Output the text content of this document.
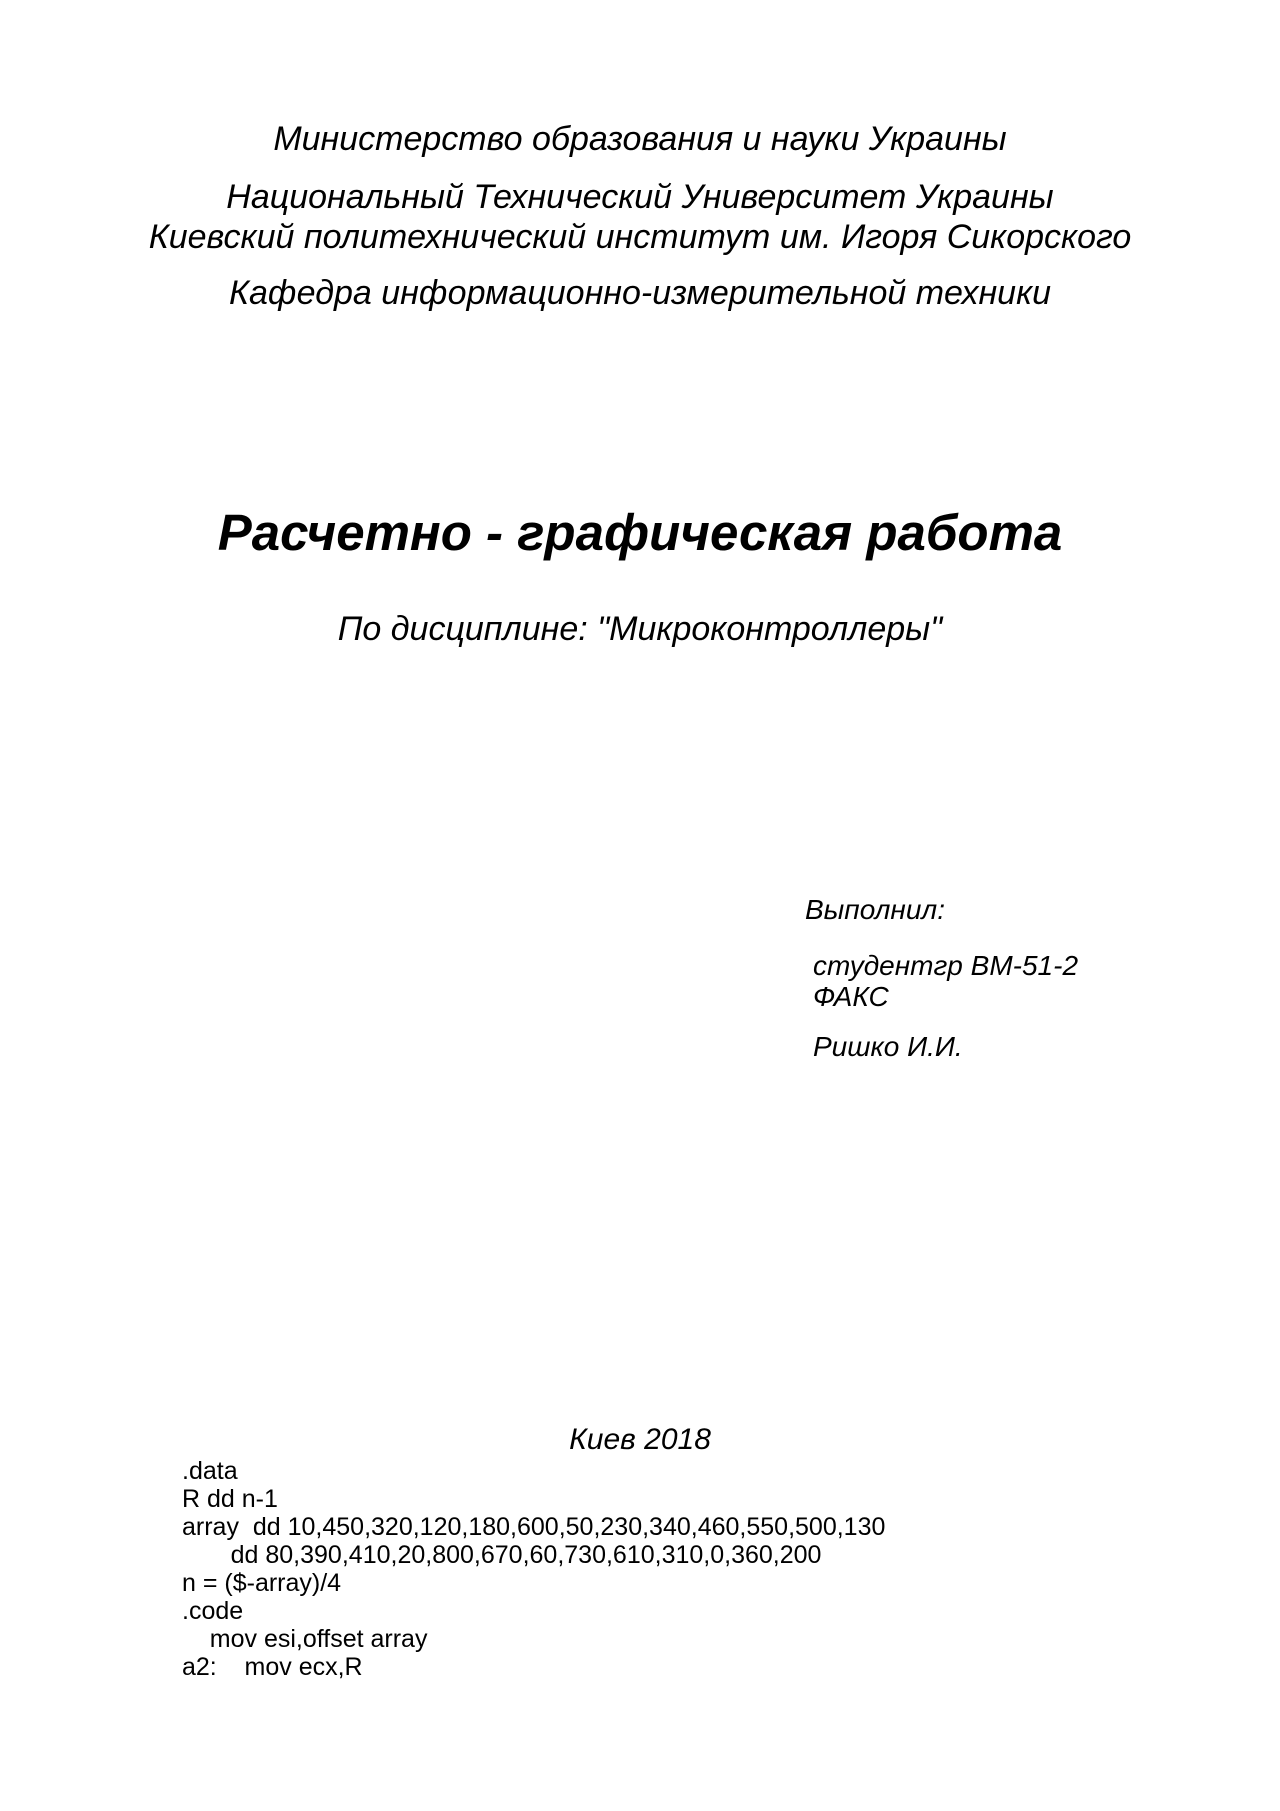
Министерство образования и науки Украины
Национальный Технический Университет Украины
Киевский политехнический институт им. Игоря Сикорского
Кафедра информационно-измерительной техники
Расчетно - графическая работа
По дисциплине: "Микроконтроллеры"
Выполнил:
студентгр ВМ-51-2
ФАКС
Ришко И.И.
Киев 2018
.data
R dd n-1
array  dd 10,450,320,120,180,600,50,230,340,460,550,500,130
dd 80,390,410,20,800,670,60,730,610,310,0,360,200
n = ($-array)/4
.code
mov esi,offset array
a2:    mov ecx,R
